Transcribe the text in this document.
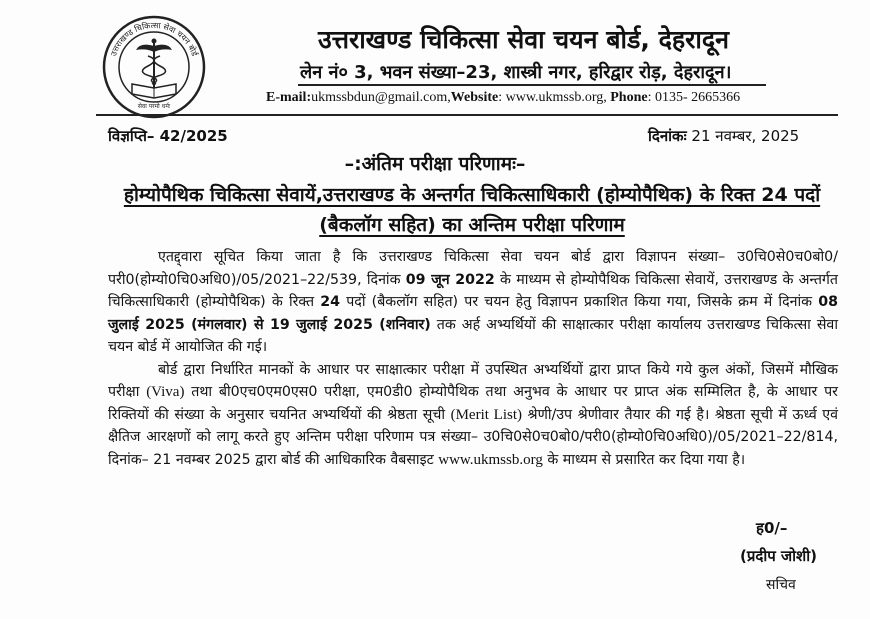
उत्तराखण्ड चिकित्सा सेवा चयन बोर्ड
सेवा परमो धर्मः
उत्तराखण्ड चिकित्सा सेवा चयन बोर्ड, देहरादून
लेन नं० 3, भवन संख्या–23, शास्त्री नगर, हरिद्वार रोड़, देहरादून।
E-mail:ukmssbdun@gmail.com,Website: www.ukmssb.org, Phone: 0135- 2665366
विज्ञप्ति– 42/2025	दिनांकः 21 नवम्बर, 2025
–:अंतिम परीक्षा परिणामः–
होम्योपैथिक चिकित्सा सेवायें,उत्तराखण्ड के अन्तर्गत चिकित्साधिकारी (होम्योपैथिक) के रिक्त 24 पदों (बैकलॉग सहित) का अन्तिम परीक्षा परिणाम

एतद्द्वारा सूचित किया जाता है कि उत्तराखण्ड चिकित्सा सेवा चयन बोर्ड द्वारा विज्ञापन संख्या– उ0चि0से0च0बो0/परी0(होम्यो0चि0अधि0)/05/2021–22/539, दिनांक 09 जून 2022 के माध्यम से होम्योपैथिक चिकित्सा सेवायें, उत्तराखण्ड के अन्तर्गत चिकित्साधिकारी (होम्योपैथिक) के रिक्त 24 पदों (बैकलॉग सहित) पर चयन हेतु विज्ञापन प्रकाशित किया गया, जिसके क्रम में दिनांक 08 जुलाई 2025 (मंगलवार) से 19 जुलाई 2025 (शनिवार) तक अर्ह अभ्यर्थियों की साक्षात्कार परीक्षा कार्यालय उत्तराखण्ड चिकित्सा सेवा चयन बोर्ड में आयोजित की गई।

बोर्ड द्वारा निर्धारित मानकों के आधार पर साक्षात्कार परीक्षा में उपस्थित अभ्यर्थियों द्वारा प्राप्त किये गये कुल अंकों, जिसमें मौखिक परीक्षा (Viva) तथा बी0एच0एम0एस0 परीक्षा, एम0डी0 होम्योपैथिक तथा अनुभव के आधार पर प्राप्त अंक सम्मिलित है, के आधार पर रिक्तियों की संख्या के अनुसार चयनित अभ्यर्थियों की श्रेष्ठता सूची (Merit List) श्रेणी/उप श्रेणीवार तैयार की गई है। श्रेष्ठता सूची में ऊर्ध्व एवं क्षैतिज आरक्षणों को लागू करते हुए अन्तिम परीक्षा परिणाम पत्र संख्या– उ0चि0से0च0बो0/परी0(होम्यो0चि0अधि0)/05/2021–22/814, दिनांक– 21 नवम्बर 2025 द्वारा बोर्ड की आधिकारिक वैबसाइट www.ukmssb.org के माध्यम से प्रसारित कर दिया गया है।

ह0/–
(प्रदीप जोशी)
सचिव
